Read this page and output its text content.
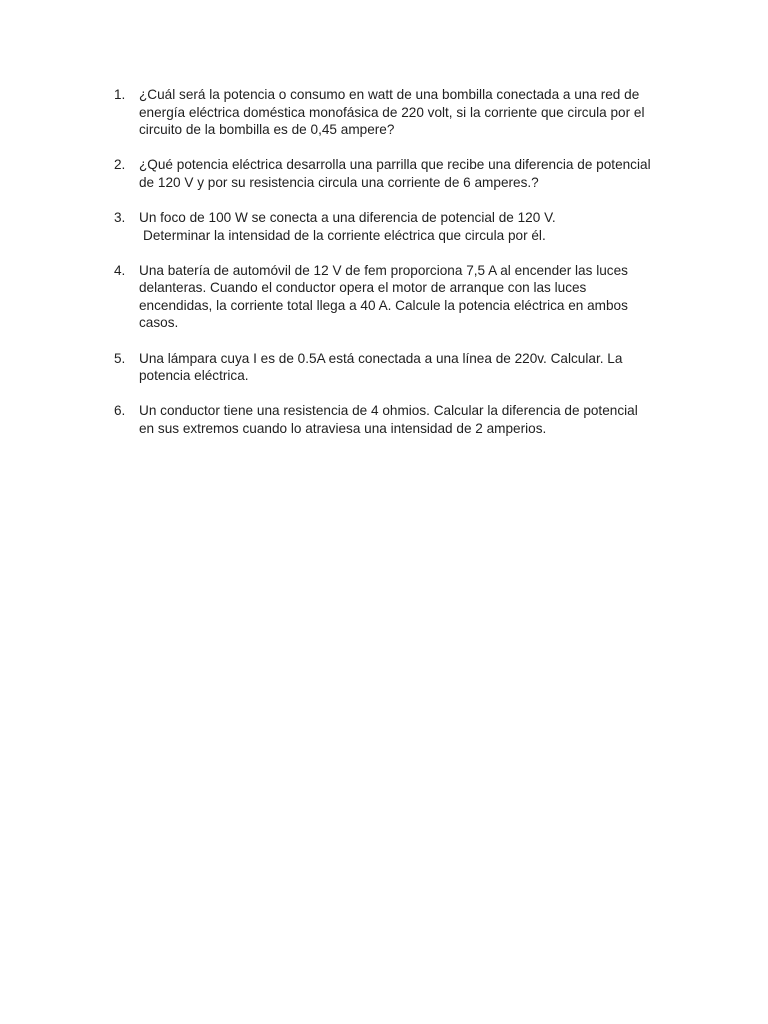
1.	¿Cuál será la potencia o consumo en watt de una bombilla conectada a una red de
energía eléctrica doméstica monofásica de 220 volt, si la corriente que circula por el
circuito de la bombilla es de 0,45 ampere?
2.	¿Qué potencia eléctrica desarrolla una parrilla que recibe una diferencia de potencial
de 120 V y por su resistencia circula una corriente de 6 amperes.?
3.	Un foco de 100 W se conecta a una diferencia de potencial de 120 V.
Determinar la intensidad de la corriente eléctrica que circula por él.
4.	Una batería de automóvil de 12 V de fem proporciona 7,5 A al encender las luces
delanteras. Cuando el conductor opera el motor de arranque con las luces
encendidas, la corriente total llega a 40 A. Calcule la potencia eléctrica en ambos
casos.
5.	Una lámpara cuya I es de 0.5A está conectada a una línea de 220v. Calcular. La
potencia eléctrica.
6.	Un conductor tiene una resistencia de 4 ohmios. Calcular la diferencia de potencial
en sus extremos cuando lo atraviesa una intensidad de 2 amperios.
